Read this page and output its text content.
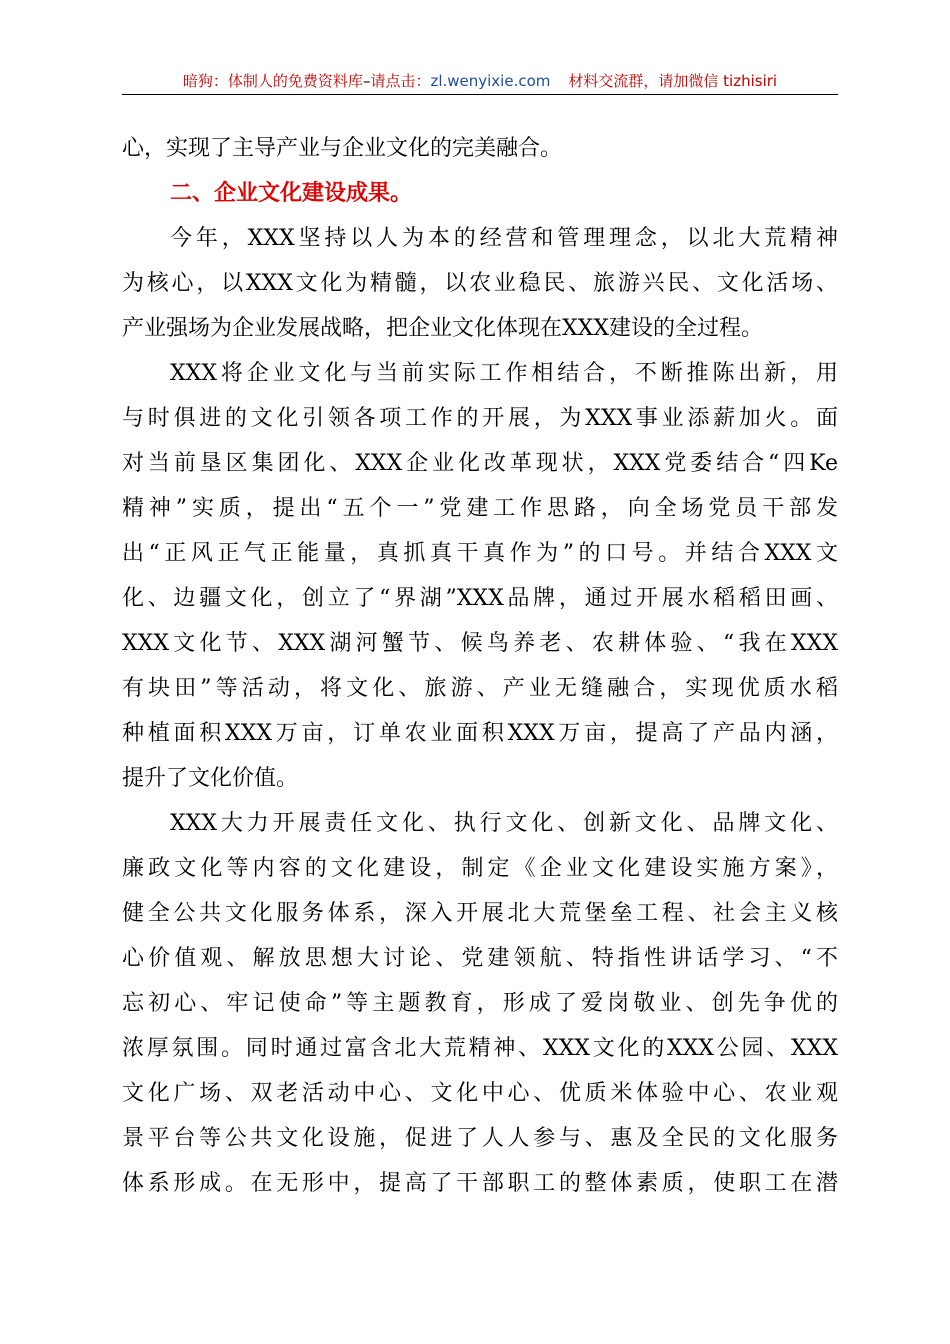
暗狗：体制人的免费资料库–请点击：zl.wenyixie.com 材料交流群，请加微信 tizhisiri
心，实现了主导产业与企业文化的完美融合。
二、企业文化建设成果。
今年，XXX坚持以人为本的经营和管理理念，以北大荒精神
为核心，以XXX文化为精髓，以农业稳民、旅游兴民、文化活场、
产业强场为企业发展战略，把企业文化体现在XXX建设的全过程。
XXX将企业文化与当前实际工作相结合，不断推陈出新，用
与时俱进的文化引领各项工作的开展，为XXX事业添薪加火。面
对当前垦区集团化、XXX企业化改革现状，XXX党委结合“四Ke
精神”实质，提出“五个一”党建工作思路，向全场党员干部发
出“正风正气正能量，真抓真干真作为”的口号。并结合XXX文
化、边疆文化，创立了“界湖”XXX品牌，通过开展水稻稻田画、
XXX文化节、XXX湖河蟹节、候鸟养老、农耕体验、“我在XXX
有块田”等活动，将文化、旅游、产业无缝融合，实现优质水稻
种植面积XXX万亩，订单农业面积XXX万亩，提高了产品内涵，
提升了文化价值。
XXX大力开展责任文化、执行文化、创新文化、品牌文化、
廉政文化等内容的文化建设，制定《企业文化建设实施方案》，
健全公共文化服务体系，深入开展北大荒堡垒工程、社会主义核
心价值观、解放思想大讨论、党建领航、特指性讲话学习、“不
忘初心、牢记使命”等主题教育，形成了爱岗敬业、创先争优的
浓厚氛围。同时通过富含北大荒精神、XXX文化的XXX公园、XXX
文化广场、双老活动中心、文化中心、优质米体验中心、农业观
景平台等公共文化设施，促进了人人参与、惠及全民的文化服务
体系形成。在无形中，提高了干部职工的整体素质，使职工在潜
